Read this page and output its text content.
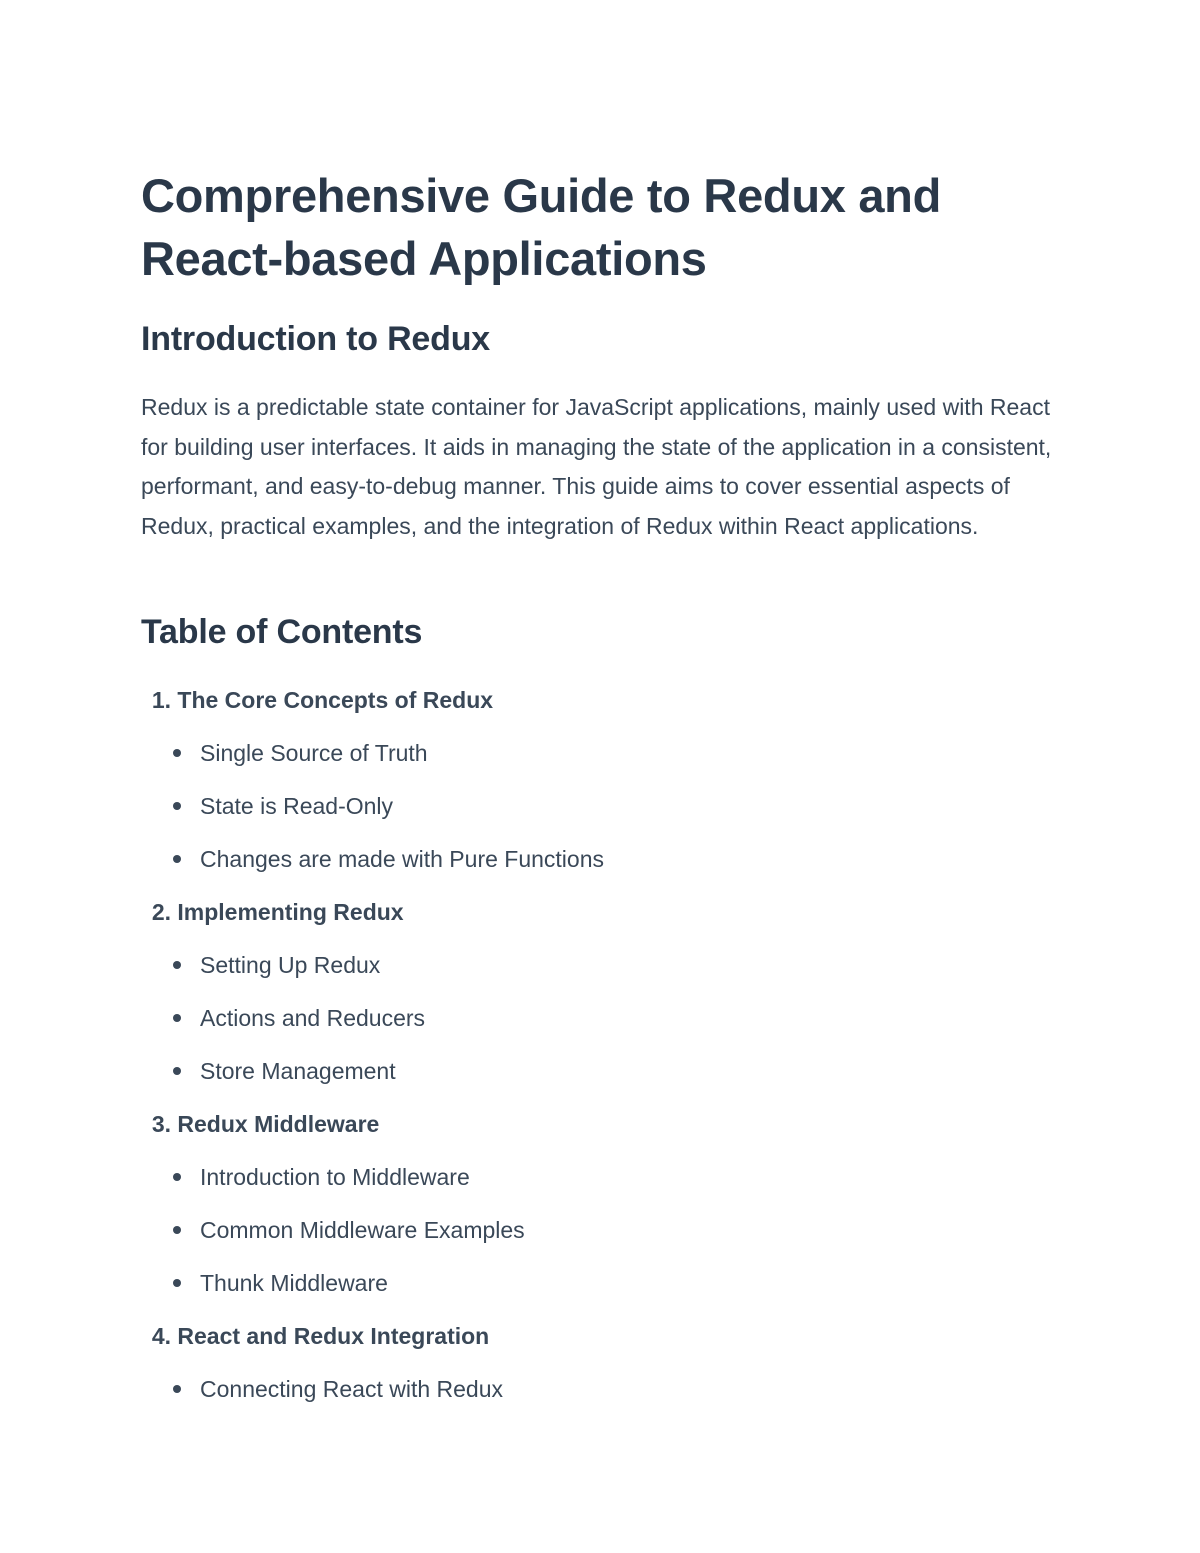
Comprehensive Guide to Redux and React-based Applications
Introduction to Redux

Redux is a predictable state container for JavaScript applications, mainly used with React for building user interfaces. It aids in managing the state of the application in a consistent, performant, and easy-to-debug manner. This guide aims to cover essential aspects of Redux, practical examples, and the integration of Redux within React applications.

Table of Contents
1. The Core Concepts of Redux
Single Source of Truth
State is Read-Only
Changes are made with Pure Functions
2. Implementing Redux
Setting Up Redux
Actions and Reducers
Store Management
3. Redux Middleware
Introduction to Middleware
Common Middleware Examples
Thunk Middleware
4. React and Redux Integration
Connecting React with Redux
